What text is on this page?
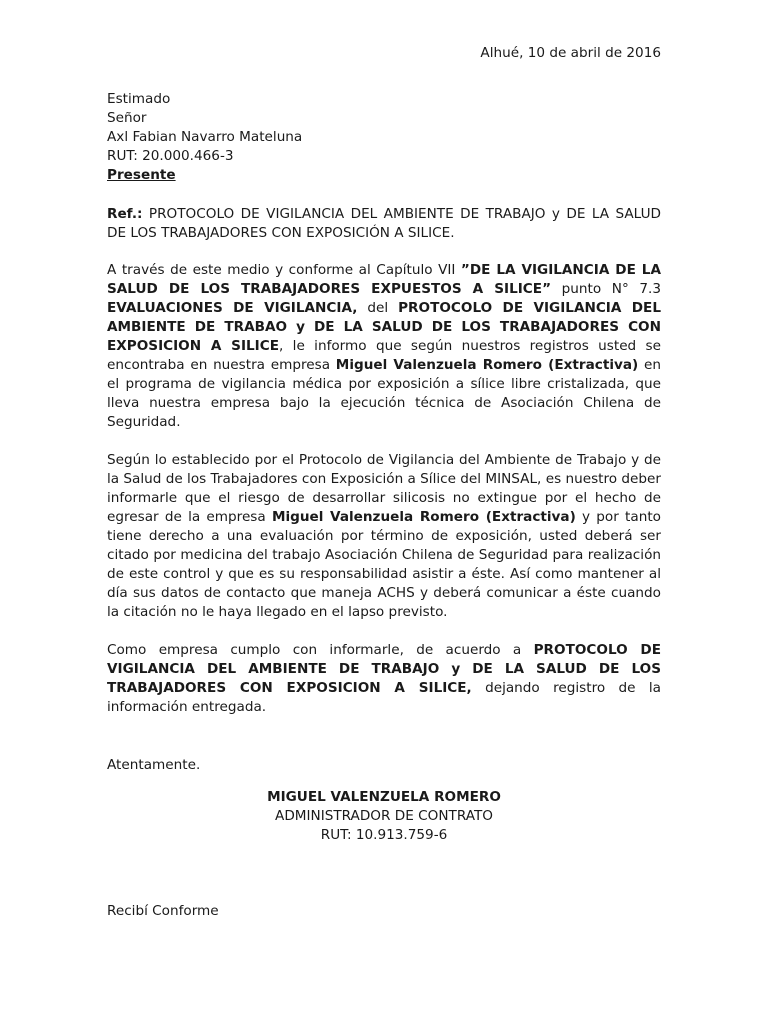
Alhué, 10 de abril de 2016
Estimado
Señor
Axl Fabian Navarro Mateluna
RUT: 20.000.466-3
Presente

Ref.: PROTOCOLO DE VIGILANCIA DEL AMBIENTE DE TRABAJO y DE LA SALUD DE LOS TRABAJADORES CON EXPOSICIÓN A SILICE.

A través de este medio y conforme al Capítulo VII ”DE LA VIGILANCIA DE LA SALUD DE LOS TRABAJADORES EXPUESTOS A SILICE” punto N° 7.3 EVALUACIONES DE VIGILANCIA, del PROTOCOLO DE VIGILANCIA DEL AMBIENTE DE TRABAO y DE LA SALUD DE LOS TRABAJADORES CON EXPOSICION A SILICE, le informo que según nuestros registros usted se encontraba en nuestra empresa Miguel Valenzuela Romero (Extractiva) en el programa de vigilancia médica por exposición a sílice libre cristalizada, que lleva nuestra empresa bajo la ejecución técnica de Asociación Chilena de Seguridad.

Según lo establecido por el Protocolo de Vigilancia del Ambiente de Trabajo y de la Salud de los Trabajadores con Exposición a Sílice del MINSAL, es nuestro deber informarle que el riesgo de desarrollar silicosis no extingue por el hecho de egresar de la empresa Miguel Valenzuela Romero (Extractiva) y por tanto tiene derecho a una evaluación por término de exposición, usted deberá ser citado por medicina del trabajo Asociación Chilena de Seguridad para realización de este control y que es su responsabilidad asistir a éste. Así como mantener al día sus datos de contacto que maneja ACHS y deberá comunicar a éste cuando la citación no le haya llegado en el lapso previsto.

Como empresa cumplo con informarle, de acuerdo a PROTOCOLO DE VIGILANCIA DEL AMBIENTE DE TRABAJO y DE LA SALUD DE LOS TRABAJADORES CON EXPOSICION A SILICE, dejando registro de la información entregada.

Atentamente.
MIGUEL VALENZUELA ROMERO
ADMINISTRADOR DE CONTRATO
RUT: 10.913.759-6
Recibí Conforme
